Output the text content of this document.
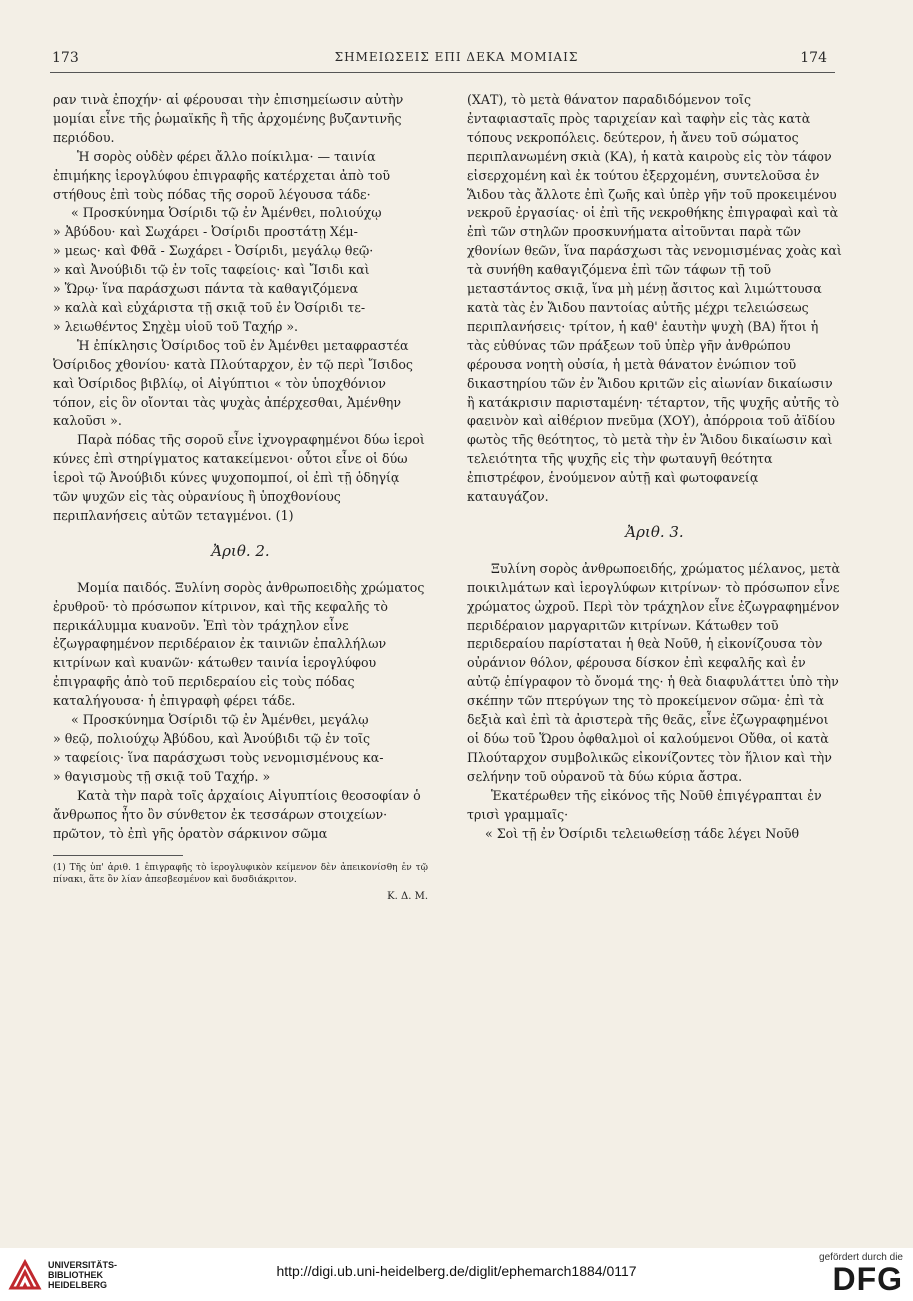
173	ΣΗΜΕΙΩΣΕΙΣ ΕΠΙ ΔΕΚΑ ΜΟΜΙΑΙΣ	174

ραν τινὰ ἐποχήν· αἱ φέρουσαι τὴν ἐπισημείωσιν αὐτὴν μομίαι εἶνε τῆς ῥωμαϊκῆς ἢ τῆς ἀρχομένης βυζαντινῆς περιόδου.

Ἡ σορὸς οὐδὲν φέρει ἄλλο ποίκιλμα· — ταινία ἐπιμήκης ἱερογλύφου ἐπιγραφῆς κατέρχεται ἀπὸ τοῦ στήθους ἐπὶ τοὺς πόδας τῆς σοροῦ λέγουσα τάδε·

« Προσκύνημα Ὀσίριδι τῷ ἐν Ἀμένθει, πολιούχῳ

» Ἀβύδου· καὶ Σωχάρει - Ὀσίριδι προστάτῃ Χέμ-

» μεως· καὶ Φθᾶ - Σωχάρει - Ὀσίριδι, μεγάλῳ θεῷ·

» καὶ Ἀνούβιδι τῷ ἐν τοῖς ταφείοις· καὶ Ἴσιδι καὶ

» Ὥρῳ· ἵνα παράσχωσι πάντα τὰ καθαγιζόμενα

» καλὰ καὶ εὐχάριστα τῇ σκιᾷ τοῦ ἐν Ὀσίριδι τε-

» λειωθέντος Σηχὲμ υἱοῦ τοῦ Ταχήρ ».

Ἡ ἐπίκλησις Ὀσίριδος τοῦ ἐν Ἀμένθει μεταφραστέα Ὀσίριδος χθονίου· κατὰ Πλούταρχον, ἐν τῷ περὶ Ἴσιδος καὶ Ὀσίριδος βιβλίῳ, οἱ Αἰγύπτιοι « τὸν ὑποχθόνιον τόπον, εἰς ὃν οἴονται τὰς ψυχὰς ἀπέρχεσθαι, Ἀμένθην καλοῦσι ».

Παρὰ πόδας τῆς σοροῦ εἶνε ἰχνογραφημένοι δύω ἱεροὶ κύνες ἐπὶ στηρίγματος κατακείμενοι· οὗτοι εἶνε οἱ δύω ἱεροὶ τῷ Ἀνούβιδι κύνες ψυχοπομποί, οἱ ἐπὶ τῇ ὁδηγίᾳ τῶν ψυχῶν εἰς τὰς οὐρανίους ἢ ὑποχθονίους περιπλανήσεις αὐτῶν τεταγμένοι. (1)

Ἀριθ. 2.

Μομία παιδός. Ξυλίνη σορὸς ἀνθρωποειδὴς χρώματος ἐρυθροῦ· τὸ πρόσωπον κίτρινον, καὶ τῆς κεφαλῆς τὸ περικάλυμμα κυανοῦν. Ἐπὶ τὸν τράχηλον εἶνε ἐζωγραφημένον περιδέραιον ἐκ ταινιῶν ἐπαλλήλων κιτρίνων καὶ κυανῶν· κάτωθεν ταινία ἱερογλύφου ἐπιγραφῆς ἀπὸ τοῦ περιδεραίου εἰς τοὺς πόδας καταλήγουσα· ἡ ἐπιγραφὴ φέρει τάδε.

« Προσκύνημα Ὀσίριδι τῷ ἐν Ἀμένθει, μεγάλῳ

» θεῷ, πολιούχῳ Ἀβύδου, καὶ Ἀνούβιδι τῷ ἐν τοῖς

» ταφείοις· ἵνα παράσχωσι τοὺς νενομισμένους κα-

» θαγισμοὺς τῇ σκιᾷ τοῦ Ταχήρ. »

Κατὰ τὴν παρὰ τοῖς ἀρχαίοις Αἰγυπτίοις θεοσοφίαν ὁ ἄνθρωπος ἦτο ὂν σύνθετον ἐκ τεσσάρων στοιχείων· πρῶτον, τὸ ἐπὶ γῆς ὁρατὸν σάρκινον σῶμα

(1) Τῆς ὑπ' ἀριθ. 1 ἐπιγραφῆς τὸ ἱερογλυφικὸν κείμενον δὲν ἀπεικονίσθη ἐν τῷ πίνακι, ἅτε ὂν λίαν ἀπεσβεσμένον καὶ δυσδιάκριτον.

Κ. Δ. Μ.

(ΧΑΤ), τὸ μετὰ θάνατον παραδιδόμενον τοῖς ἐνταφιασταῖς πρὸς ταριχείαν καὶ ταφὴν εἰς τὰς κατὰ τόπους νεκροπόλεις. δεύτερον, ἡ ἄνευ τοῦ σώματος περιπλανωμένη σκιὰ (ΚΑ), ἡ κατὰ καιροὺς εἰς τὸν τάφον εἰσερχομένη καὶ ἐκ τούτου ἐξερχομένη, συντελοῦσα ἐν Ἅιδου τὰς ἄλλοτε ἐπὶ ζωῆς καὶ ὑπὲρ γῆν τοῦ προκειμένου νεκροῦ ἐργασίας· οἱ ἐπὶ τῆς νεκροθήκης ἐπιγραφαὶ καὶ τὰ ἐπὶ τῶν στηλῶν προσκυνήματα αἰτοῦνται παρὰ τῶν χθονίων θεῶν, ἵνα παράσχωσι τὰς νενομισμένας χοὰς καὶ τὰ συνήθη καθαγιζόμενα ἐπὶ τῶν τάφων τῇ τοῦ μεταστάντος σκιᾷ, ἵνα μὴ μένῃ ἄσιτος καὶ λιμώττουσα κατὰ τὰς ἐν Ἅιδου παντοίας αὐτῆς μέχρι τελειώσεως περιπλανήσεις· τρίτον, ἡ καθ' ἑαυτὴν ψυχὴ (ΒΑ) ἥτοι ἡ τὰς εὐθύνας τῶν πράξεων τοῦ ὑπὲρ γῆν ἀνθρώπου φέρουσα νοητὴ οὐσία, ἡ μετὰ θάνατον ἐνώπιον τοῦ δικαστηρίου τῶν ἐν Ἅιδου κριτῶν εἰς αἰωνίαν δικαίωσιν ἢ κατάκρισιν παρισταμένη· τέταρτον, τῆς ψυχῆς αὐτῆς τὸ φαεινὸν καὶ αἰθέριον πνεῦμα (ΧΟΥ), ἀπόρροια τοῦ ἀϊδίου φωτὸς τῆς θεότητος, τὸ μετὰ τὴν ἐν Ἅιδου δικαίωσιν καὶ τελειότητα τῆς ψυχῆς εἰς τὴν φωταυγῆ θεότητα ἐπιστρέφον, ἑνούμενον αὐτῇ καὶ φωτοφανείᾳ καταυγάζον.

Ἀριθ. 3.

Ξυλίνη σορὸς ἀνθρωποειδής, χρώματος μέλανος, μετὰ ποικιλμάτων καὶ ἱερογλύφων κιτρίνων· τὸ πρόσωπον εἶνε χρώματος ὠχροῦ. Περὶ τὸν τράχηλον εἶνε ἐζωγραφημένον περιδέραιον μαργαριτῶν κιτρίνων. Κάτωθεν τοῦ περιδεραίου παρίσταται ἡ θεὰ Νοῦθ, ἡ εἰκονίζουσα τὸν οὐράνιον θόλον, φέρουσα δίσκον ἐπὶ κεφαλῆς καὶ ἐν αὐτῷ ἐπίγραφον τὸ ὄνομά της· ἡ θεὰ διαφυλάττει ὑπὸ τὴν σκέπην τῶν πτερύγων της τὸ προκείμενον σῶμα· ἐπὶ τὰ δεξιὰ καὶ ἐπὶ τὰ ἀριστερὰ τῆς θεᾶς, εἶνε ἐζωγραφημένοι οἱ δύω τοῦ Ὥρου ὀφθαλμοὶ οἱ καλούμενοι Οὔθα, οἱ κατὰ Πλούταρχον συμβολικῶς εἰκονίζοντες τὸν ἥλιον καὶ τὴν σελήνην τοῦ οὐρανοῦ τὰ δύω κύρια ἄστρα.

Ἑκατέρωθεν τῆς εἰκόνος τῆς Νοῦθ ἐπιγέγραπται ἐν τρισὶ γραμμαῖς·

« Σοὶ τῇ ἐν Ὀσίριδι τελειωθείσῃ τάδε λέγει Νοῦθ

UNIVERSITÄTS-
BIBLIOTHEK
HEIDELBERG
http://digi.ub.uni-heidelberg.de/diglit/ephemarch1884/0117
gefördert durch die
DFG
